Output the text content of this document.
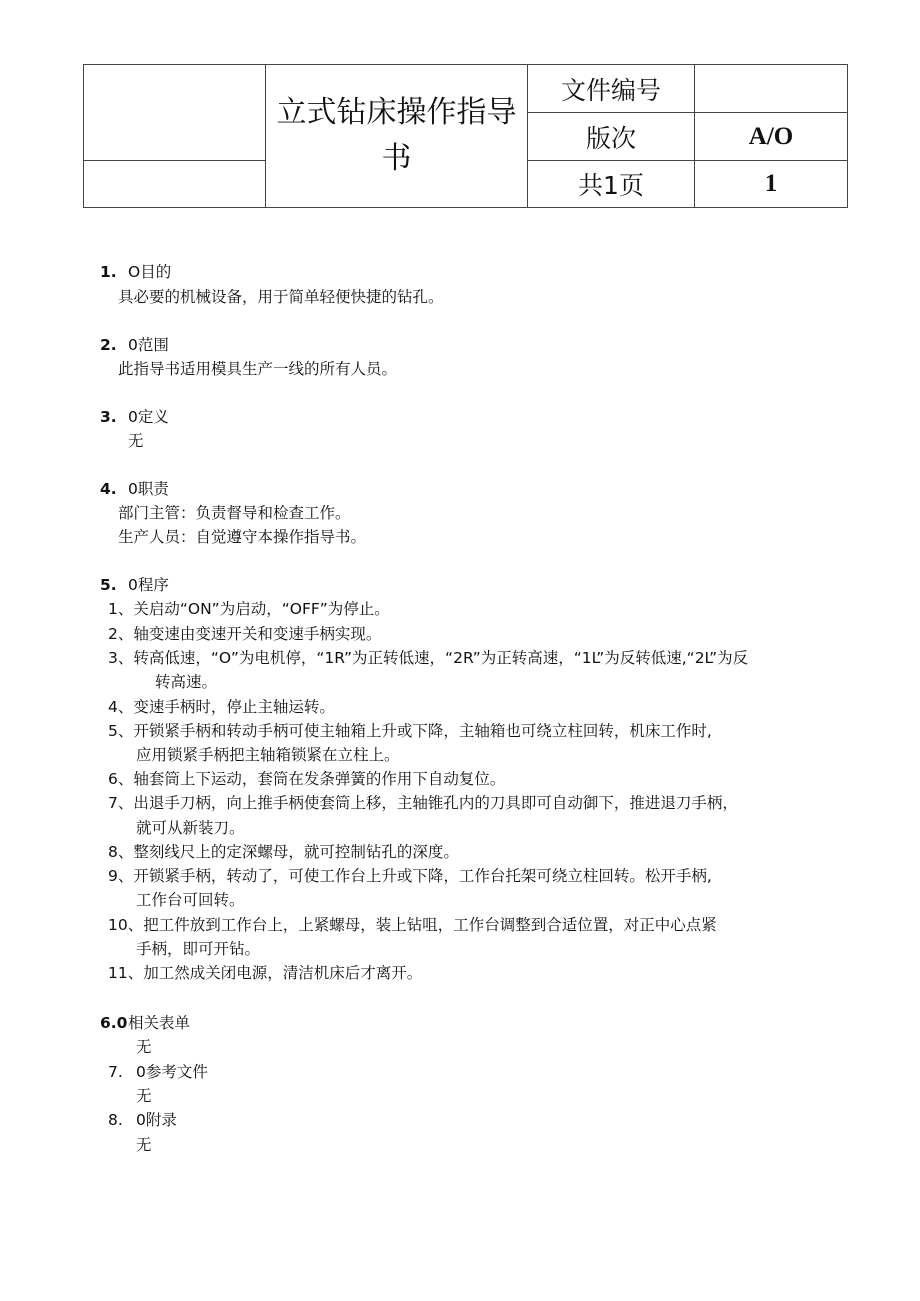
	立式钻床操作指导书	文件编号	
		版次	A/O
		共1页	1
1. O目的
具必要的机械设备，用于简单轻便快捷的钻孔。
2. 0范围
此指导书适用模具生产一线的所有人员。
3. 0定义
无
4. 0职责
部门主管：负责督导和检查工作。
生产人员：自觉遵守本操作指导书。
5. 0程序
1、关启动“ON”为启动，“OFF”为停止。
2、轴变速由变速开关和变速手柄实现。
3、转高低速，“O”为电机停，“1R”为正转低速，“2R”为正转高速，“1L”为反转低速,“2L”为反
转高速。
4、变速手柄时，停止主轴运转。
5、开锁紧手柄和转动手柄可使主轴箱上升或下降，主轴箱也可绕立柱回转，机床工作时,
应用锁紧手柄把主轴箱锁紧在立柱上。
6、轴套筒上下运动，套筒在发条弹簧的作用下自动复位。
7、出退手刀柄，向上推手柄使套筒上移，主轴锥孔内的刀具即可自动御下，推进退刀手柄，
就可从新装刀。
8、整刻线尺上的定深螺母，就可控制钻孔的深度。
9、开锁紧手柄，转动了，可使工作台上升或下降，工作台托架可绕立柱回转。松开手柄,
工作台可回转。
10、把工件放到工作台上，上紧螺母，装上钻咀，工作台调整到合适位置，对正中心点紧
手柄，即可开钻。
11、加工然成关闭电源，清洁机床后才离开。
6.0 相关表单
无
7. 0参考文件
无
8. 0附录
无
